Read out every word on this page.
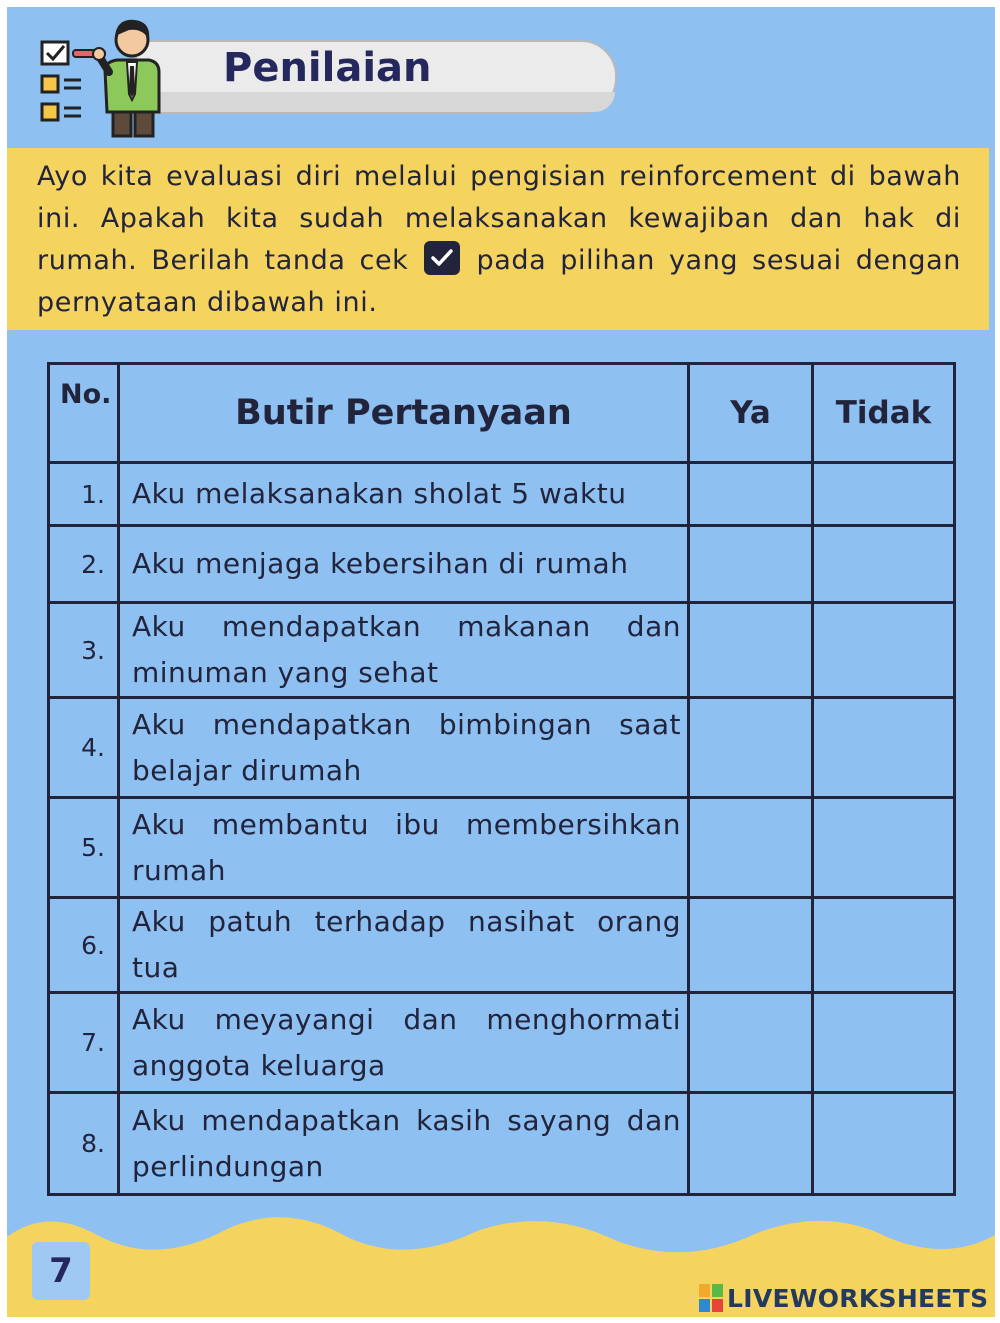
Penilaian

Ayo kita evaluasi diri melalui pengisian reinforcement di bawah ini. Apakah kita sudah melaksanakan kewajiban dan hak di rumah. Berilah tanda cek	pada pilihan yang sesuai dengan pernyataan dibawah ini.

No.	Butir Pertanyaan	Ya	Tidak
1.	Aku melaksanakan sholat 5 waktu		
2.	Aku menjaga kebersihan di rumah		
3.	Aku mendapatkan makanan dan minuman yang sehat		
4.	Aku mendapatkan bimbingan saat belajar dirumah		
5.	Aku membantu ibu membersihkan rumah		
6.	Aku patuh terhadap nasihat orang tua		
7.	Aku meyayangi dan menghormati anggota keluarga		
8.	Aku mendapatkan kasih sayang dan perlindungan		
7
LIVEWORKSHEETS
